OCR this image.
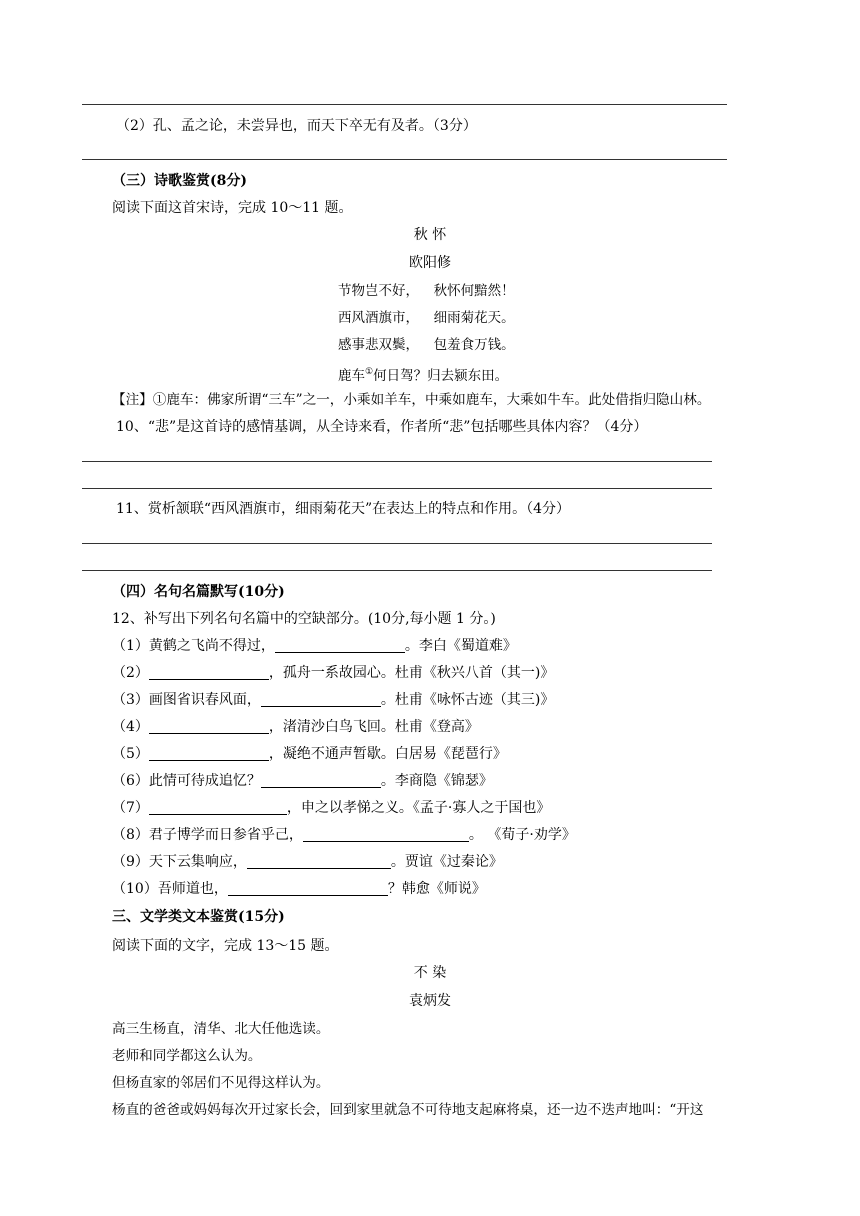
（2）孔、孟之论，未尝异也，而天下卒无有及者。（3分）
（三）诗歌鉴赏(8分)
阅读下面这首宋诗，完成 10～11 题。
秋 怀
欧阳修
节物岂不好， 秋怀何黯然！
西风酒旗市， 细雨菊花天。
感事悲双鬓， 包羞食万钱。
鹿车①何日驾？归去颍东田。
【注】①鹿车：佛家所谓“三车”之一，小乘如羊车，中乘如鹿车，大乘如牛车。此处借指归隐山林。
10、“悲”是这首诗的感情基调，从全诗来看，作者所“悲”包括哪些具体内容？（4分）
11、赏析颔联“西风酒旗市，细雨菊花天”在表达上的特点和作用。（4分）
（四）名句名篇默写(10分)
12、补写出下列名句名篇中的空缺部分。(10分,每小题 1 分。)
（1）黄鹤之飞尚不得过，	。李白《蜀道难》
（2）	，孤舟一系故园心。杜甫《秋兴八首（其一)》
（3）画图省识春风面，	。杜甫《咏怀古迹（其三)》
（4）	，渚清沙白鸟飞回。杜甫《登高》
（5）	，凝绝不通声暂歇。白居易《琵琶行》
（6）此情可待成追忆？	。李商隐《锦瑟》
（7）	，申之以孝悌之义。《孟子·寡人之于国也》
（8）君子博学而日参省乎己，	。 《荀子·劝学》
（9）天下云集响应，	。贾谊《过秦论》
（10）吾师道也，	？韩愈《师说》
三、文学类文本鉴赏(15分)
阅读下面的文字，完成 13～15 题。
不 染
袁炳发
高三生杨直，清华、北大任他选读。
老师和同学都这么认为。
但杨直家的邻居们不见得这样认为。
杨直的爸爸或妈妈每次开过家长会，回到家里就急不可待地支起麻将桌，还一边不迭声地叫：“开这
